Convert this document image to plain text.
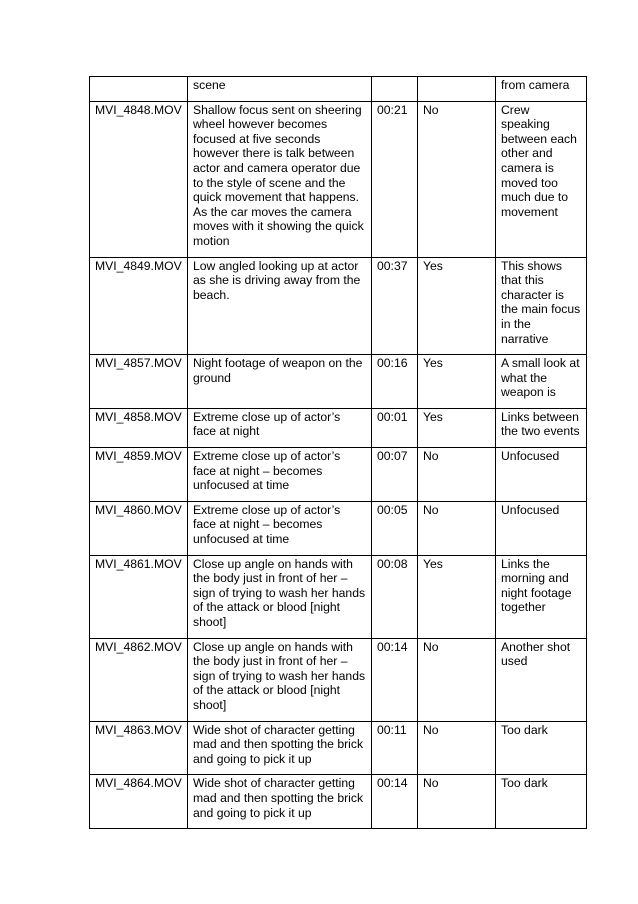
	scene			from camera
MVI_4848.MOV	Shallow focus sent on sheering wheel however becomes focused at five seconds however there is talk between actor and camera operator due to the style of scene and the quick movement that happens. As the car moves the camera moves with it showing the quick motion	00:21	No	Crew speaking between each other and camera is moved too much due to movement
MVI_4849.MOV	Low angled looking up at actor as she is driving away from the beach.	00:37	Yes	This shows that this character is the main focus in the narrative
MVI_4857.MOV	Night footage of weapon on the ground	00:16	Yes	A small look at what the weapon is
MVI_4858.MOV	Extreme close up of actor’s face at night	00:01	Yes	Links between the two events
MVI_4859.MOV	Extreme close up of actor’s face at night – becomes unfocused at time	00:07	No	Unfocused
MVI_4860.MOV	Extreme close up of actor’s face at night – becomes unfocused at time	00:05	No	Unfocused
MVI_4861.MOV	Close up angle on hands with the body just in front of her – sign of trying to wash her hands of the attack or blood [night shoot]	00:08	Yes	Links the morning and night footage together
MVI_4862.MOV	Close up angle on hands with the body just in front of her – sign of trying to wash her hands of the attack or blood [night shoot]	00:14	No	Another shot used
MVI_4863.MOV	Wide shot of character getting mad and then spotting the brick and going to pick it up	00:11	No	Too dark
MVI_4864.MOV	Wide shot of character getting mad and then spotting the brick and going to pick it up	00:14	No	Too dark
